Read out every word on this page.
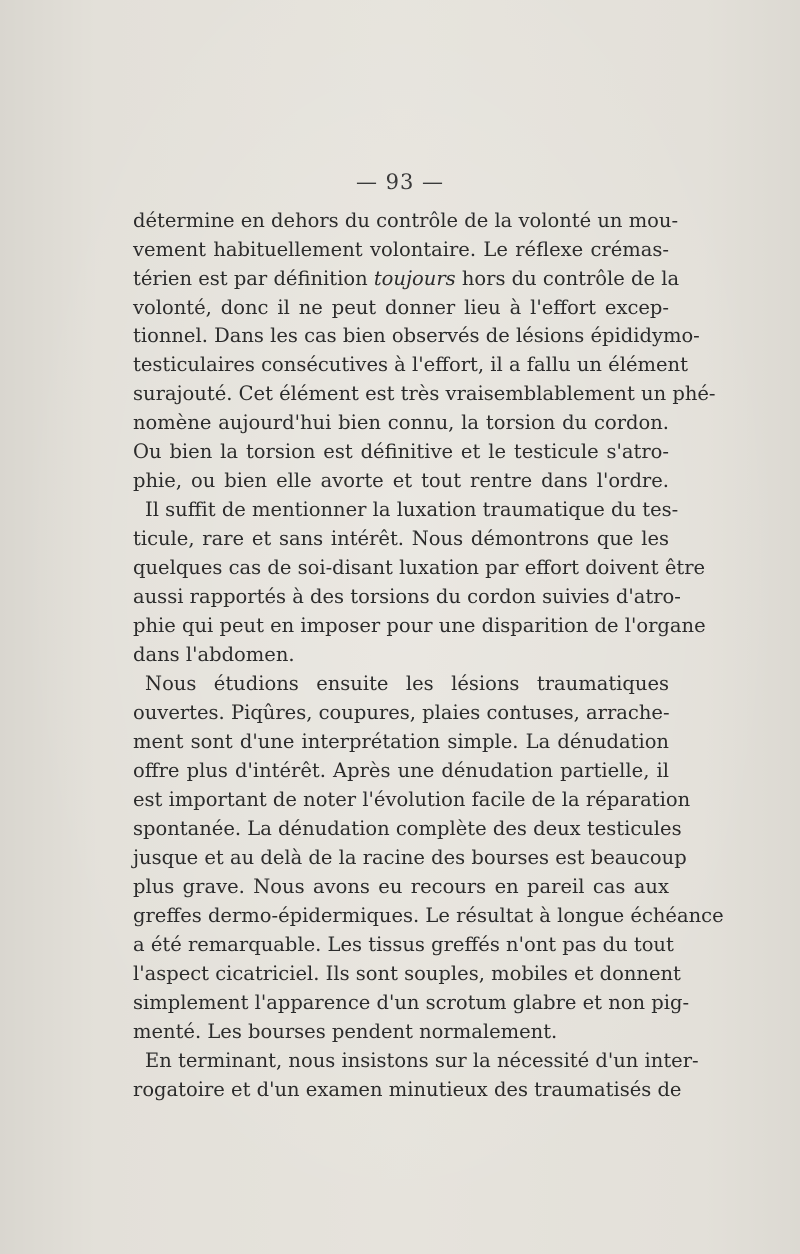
— 93 —
détermine en dehors du contrôle de la volonté un mou-
vement habituellement volontaire. Le réflexe crémas-
térien est par définition toujours hors du contrôle de la
volonté, donc il ne peut donner lieu à l'effort excep-
tionnel. Dans les cas bien observés de lésions épididymo-
testiculaires consécutives à l'effort, il a fallu un élément
surajouté. Cet élément est très vraisemblablement un phé-
nomène aujourd'hui bien connu, la torsion du cordon.
Ou bien la torsion est définitive et le testicule s'atro-
phie, ou bien elle avorte et tout rentre dans l'ordre.
Il suffit de mentionner la luxation traumatique du tes-
ticule, rare et sans intérêt. Nous démontrons que les
quelques cas de soi-disant luxation par effort doivent être
aussi rapportés à des torsions du cordon suivies d'atro-
phie qui peut en imposer pour une disparition de l'organe
dans l'abdomen.
Nous étudions ensuite les lésions traumatiques
ouvertes. Piqûres, coupures, plaies contuses, arrache-
ment sont d'une interprétation simple. La dénudation
offre plus d'intérêt. Après une dénudation partielle, il
est important de noter l'évolution facile de la réparation
spontanée. La dénudation complète des deux testicules
jusque et au delà de la racine des bourses est beaucoup
plus grave. Nous avons eu recours en pareil cas aux
greffes dermo-épidermiques. Le résultat à longue échéance
a été remarquable. Les tissus greffés n'ont pas du tout
l'aspect cicatriciel. Ils sont souples, mobiles et donnent
simplement l'apparence d'un scrotum glabre et non pig-
menté. Les bourses pendent normalement.
En terminant, nous insistons sur la nécessité d'un inter-
rogatoire et d'un examen minutieux des traumatisés de
